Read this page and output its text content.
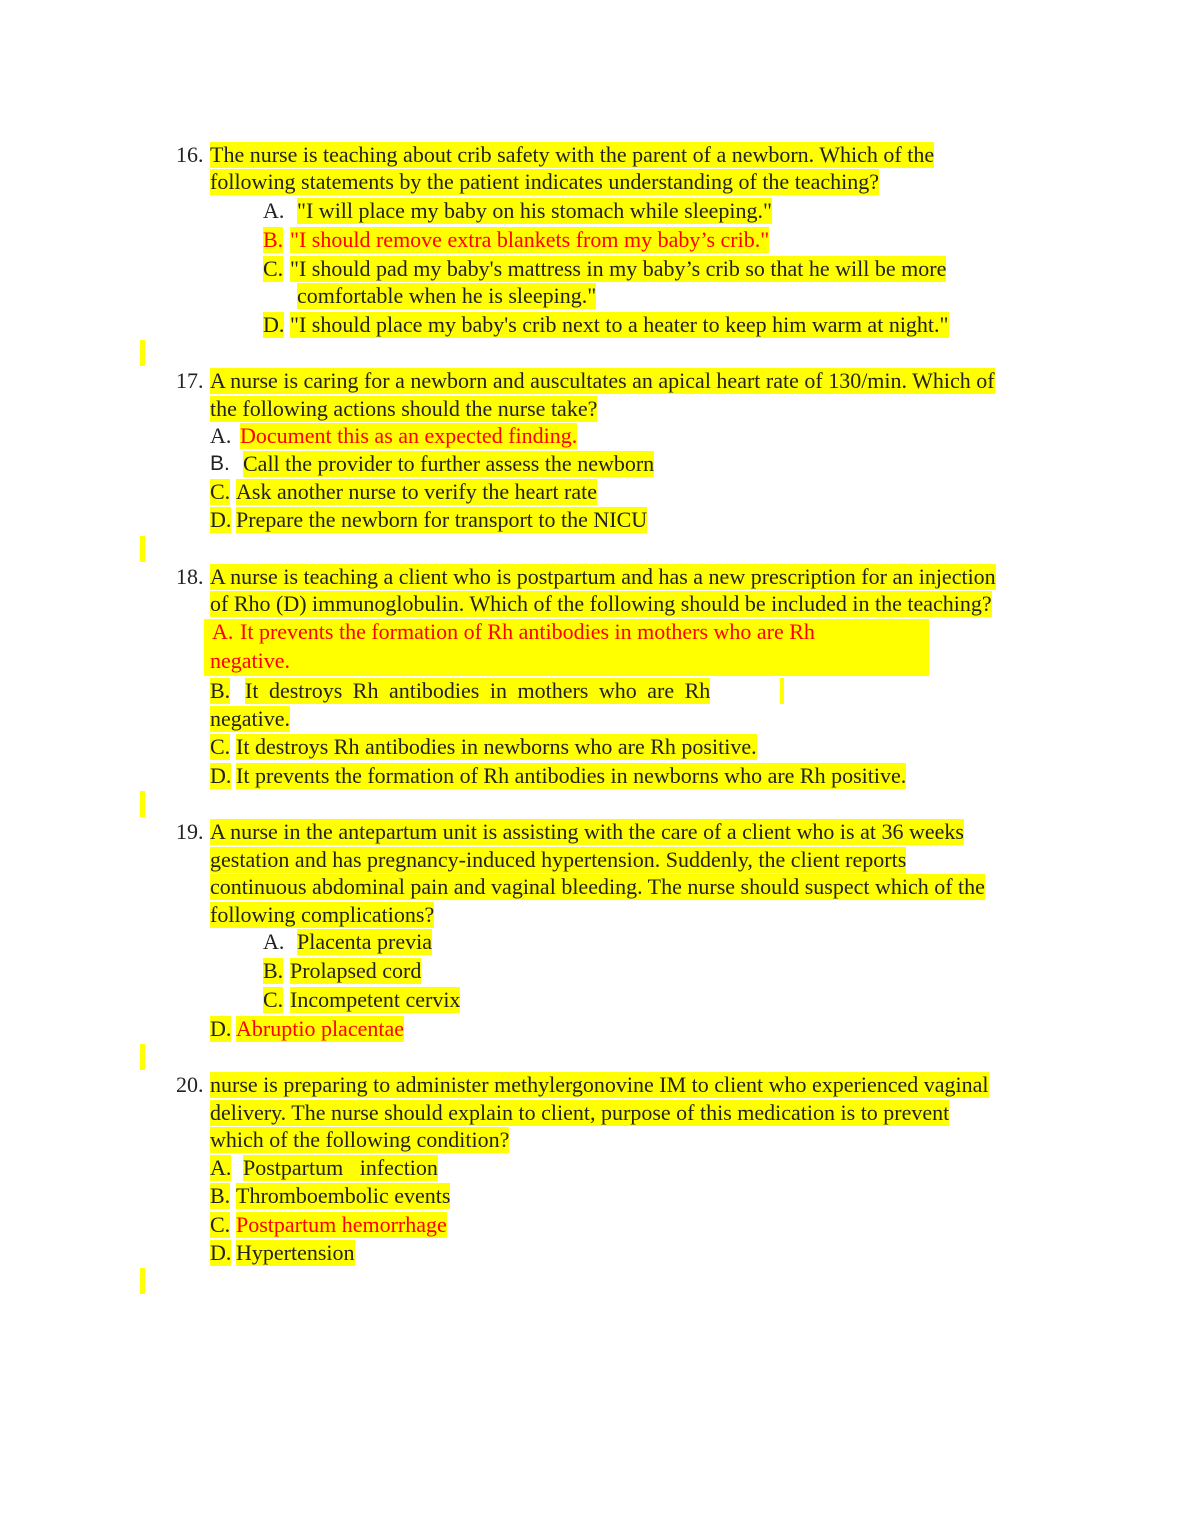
16. The nurse is teaching about crib safety with the parent of a newborn. Which of the
following statements by the patient indicates understanding of the teaching?
A. "I will place my baby on his stomach while sleeping."
B. "I should remove extra blankets from my baby’s crib."
C. "I should pad my baby's mattress in my baby’s crib so that he will be more
comfortable when he is sleeping."
D. "I should place my baby's crib next to a heater to keep him warm at night."
17. A nurse is caring for a newborn and auscultates an apical heart rate of 130/min. Which of
the following actions should the nurse take?
A. Document this as an expected finding.
B. Call the provider to further assess the newborn
C. Ask another nurse to verify the heart rate
D. Prepare the newborn for transport to the NICU
18. A nurse is teaching a client who is postpartum and has a new prescription for an injection
of Rho (D) immunoglobulin. Which of the following should be included in the teaching?
A. It prevents the formation of Rh antibodies in mothers who are Rh
negative.
B. It destroys Rh antibodies in mothers who are Rh
negative.
C. It destroys Rh antibodies in newborns who are Rh positive.
D. It prevents the formation of Rh antibodies in newborns who are Rh positive.
19. A nurse in the antepartum unit is assisting with the care of a client who is at 36 weeks
gestation and has pregnancy-induced hypertension. Suddenly, the client reports
continuous abdominal pain and vaginal bleeding. The nurse should suspect which of the
following complications?
A. Placenta previa
B. Prolapsed cord
C. Incompetent cervix
D. Abruptio placentae
20. nurse is preparing to administer methylergonovine IM to client who experienced vaginal
delivery. The nurse should explain to client, purpose of this medication is to prevent
which of the following condition?
A. Postpartum   infection
B. Thromboembolic events
C. Postpartum hemorrhage
D. Hypertension
